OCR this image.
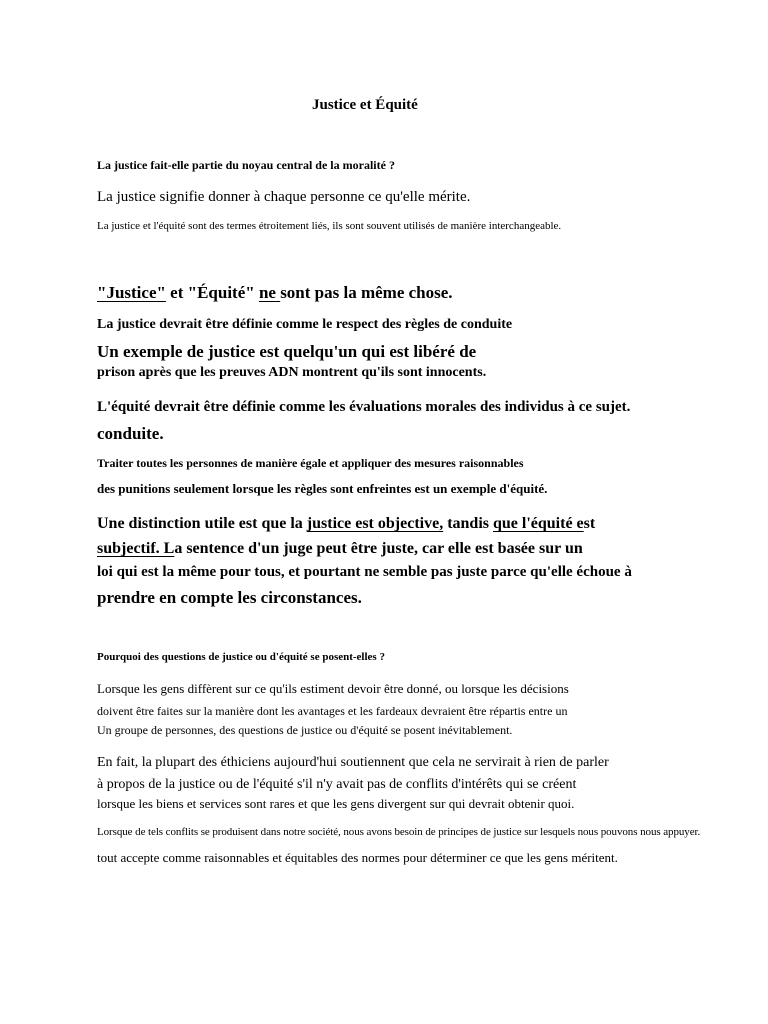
Justice et Équité

La justice fait-elle partie du noyau central de la moralité ?

La justice signifie donner à chaque personne ce qu'elle mérite.

La justice et l'équité sont des termes étroitement liés, ils sont souvent utilisés de manière interchangeable.

"Justice" et "Équité" ne sont pas la même chose.

La justice devrait être définie comme le respect des règles de conduite

Un exemple de justice est quelqu'un qui est libéré de

prison après que les preuves ADN montrent qu'ils sont innocents.

L'équité devrait être définie comme les évaluations morales des individus à ce sujet.

conduite.

Traiter toutes les personnes de manière égale et appliquer des mesures raisonnables

des punitions seulement lorsque les règles sont enfreintes est un exemple d'équité.

Une distinction utile est que la justice est objective, tandis que l'équité est

subjectif. La sentence d'un juge peut être juste, car elle est basée sur un

loi qui est la même pour tous, et pourtant ne semble pas juste parce qu'elle échoue à

prendre en compte les circonstances.

Pourquoi des questions de justice ou d'équité se posent-elles ?

Lorsque les gens diffèrent sur ce qu'ils estiment devoir être donné, ou lorsque les décisions

doivent être faites sur la manière dont les avantages et les fardeaux devraient être répartis entre un

Un groupe de personnes, des questions de justice ou d'équité se posent inévitablement.

En fait, la plupart des éthiciens aujourd'hui soutiennent que cela ne servirait à rien de parler

à propos de la justice ou de l'équité s'il n'y avait pas de conflits d'intérêts qui se créent

lorsque les biens et services sont rares et que les gens divergent sur qui devrait obtenir quoi.

Lorsque de tels conflits se produisent dans notre société, nous avons besoin de principes de justice sur lesquels nous pouvons nous appuyer.

tout accepte comme raisonnables et équitables des normes pour déterminer ce que les gens méritent.
